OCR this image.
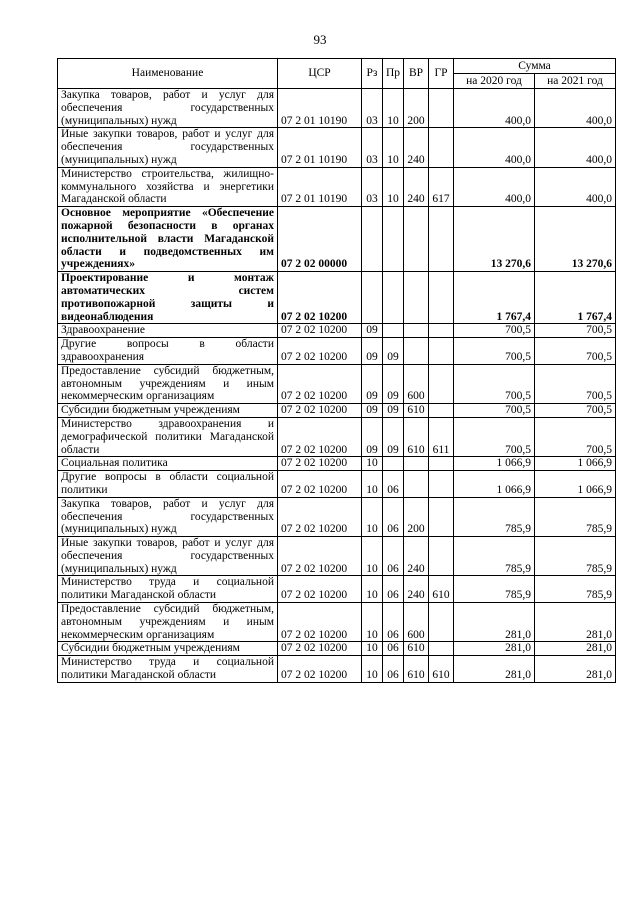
93
Наименование	ЦСР	Рз	Пр	ВР	ГР	Сумма	
						на 2020 год	на 2021 год
Закупка товаров, работ и услуг для обеспечения государственных (муниципальных) нужд	07 2 01 10190	03	10	200		400,0	400,0
Иные закупки товаров, работ и услуг для обеспечения государственных (муниципальных) нужд	07 2 01 10190	03	10	240		400,0	400,0
Министерство строительства, жилищно-коммунального хозяйства и энергетики Магаданской области	07 2 01 10190	03	10	240	617	400,0	400,0
Основное мероприятие «Обеспечение пожарной безопасности в органах исполнительной власти Магаданской области и подведомственных им учреждениях»	07 2 02 00000					13 270,6	13 270,6
Проектирование и монтаж автоматических систем противопожарной защиты и видеонаблюдения	07 2 02 10200					1 767,4	1 767,4
Здравоохранение	07 2 02 10200	09				700,5	700,5
Другие вопросы в области здравоохранения	07 2 02 10200	09	09			700,5	700,5
Предоставление субсидий бюджетным, автономным учреждениям и иным некоммерческим организациям	07 2 02 10200	09	09	600		700,5	700,5
Субсидии бюджетным учреждениям	07 2 02 10200	09	09	610		700,5	700,5
Министерство здравоохранения и демографической политики Магаданской области	07 2 02 10200	09	09	610	611	700,5	700,5
Социальная политика	07 2 02 10200	10				1 066,9	1 066,9
Другие вопросы в области социальной политики	07 2 02 10200	10	06			1 066,9	1 066,9
Закупка товаров, работ и услуг для обеспечения государственных (муниципальных) нужд	07 2 02 10200	10	06	200		785,9	785,9
Иные закупки товаров, работ и услуг для обеспечения государственных (муниципальных) нужд	07 2 02 10200	10	06	240		785,9	785,9
Министерство труда и социальной политики Магаданской области	07 2 02 10200	10	06	240	610	785,9	785,9
Предоставление субсидий бюджетным, автономным учреждениям и иным некоммерческим организациям	07 2 02 10200	10	06	600		281,0	281,0
Субсидии бюджетным учреждениям	07 2 02 10200	10	06	610		281,0	281,0
Министерство труда и социальной политики Магаданской области	07 2 02 10200	10	06	610	610	281,0	281,0
